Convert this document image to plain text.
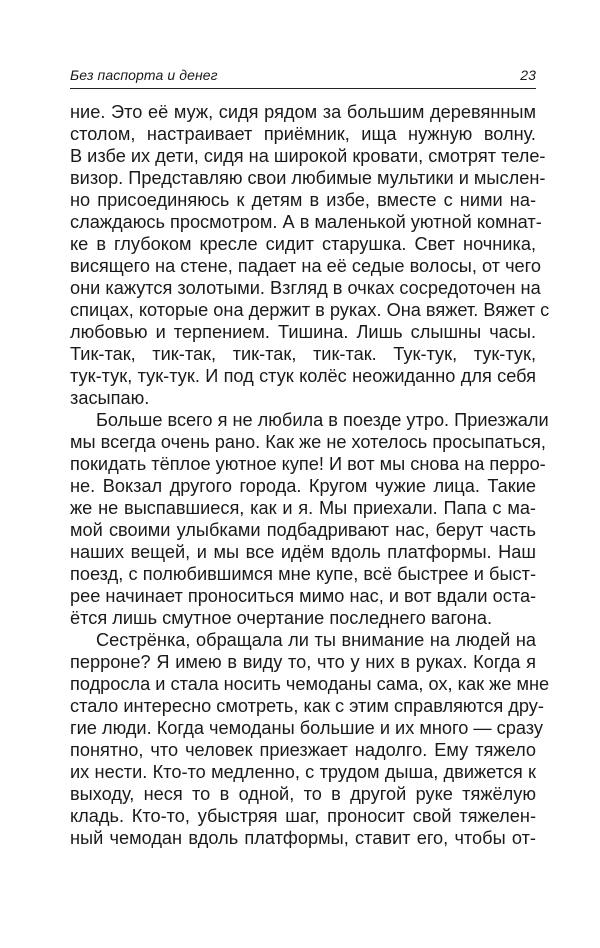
Без паспорта и денег	23
ние. Это её муж, сидя рядом за большим деревянным
столом, настраивает приёмник, ища нужную волну.
В избе их дети, сидя на широкой кровати, смотрят теле-
визор. Представляю свои любимые мультики и мыслен-
но присоединяюсь к детям в избе, вместе с ними на-
слаждаюсь просмотром. А в маленькой уютной комнат-
ке в глубоком кресле сидит старушка. Свет ночника,
висящего на стене, падает на её седые волосы, от чего
они кажутся золотыми. Взгляд в очках сосредоточен на
спицах, которые она держит в руках. Она вяжет. Вяжет с
любовью и терпением. Тишина. Лишь слышны часы.
Тик-так, тик-так, тик-так, тик-так. Тук-тук, тук-тук,
тук-тук, тук-тук. И под стук колёс неожиданно для себя
засыпаю.
Больше всего я не любила в поезде утро. Приезжали
мы всегда очень рано. Как же не хотелось просыпаться,
покидать тёплое уютное купе! И вот мы снова на перро-
не. Вокзал другого города. Кругом чужие лица. Такие
же не выспавшиеся, как и я. Мы приехали. Папа с ма-
мой своими улыбками подбадривают нас, берут часть
наших вещей, и мы все идём вдоль платформы. Наш
поезд, с полюбившимся мне купе, всё быстрее и быст-
рее начинает проноситься мимо нас, и вот вдали оста-
ётся лишь смутное очертание последнего вагона.
Сестрёнка, обращала ли ты внимание на людей на
перроне? Я имею в виду то, что у них в руках. Когда я
подросла и стала носить чемоданы сама, ох, как же мне
стало интересно смотреть, как с этим справляются дру-
гие люди. Когда чемоданы большие и их много — сразу
понятно, что человек приезжает надолго. Ему тяжело
их нести. Кто-то медленно, с трудом дыша, движется к
выходу, неся то в одной, то в другой руке тяжёлую
кладь. Кто-то, убыстряя шаг, проносит свой тяжелен-
ный чемодан вдоль платформы, ставит его, чтобы от-
